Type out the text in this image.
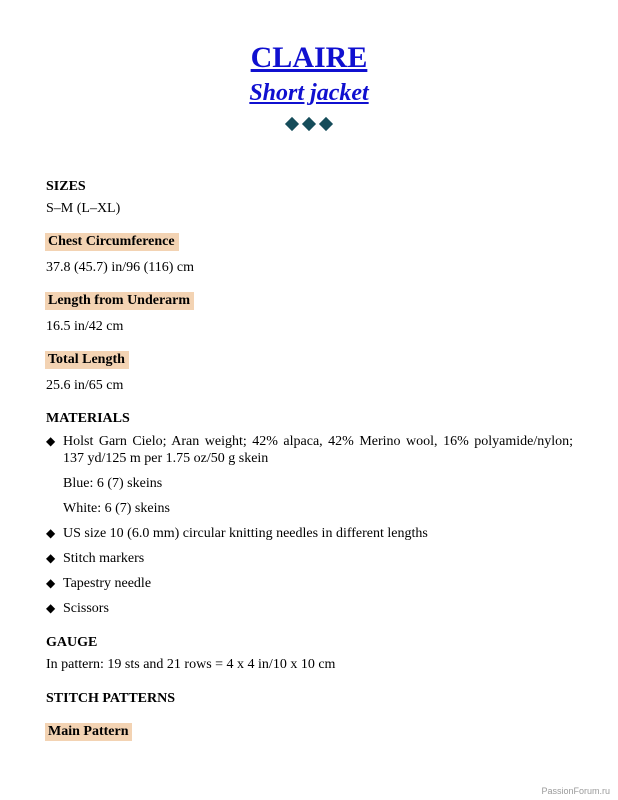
CLAIRE
Short jacket
SIZES
S–M (L–XL)
Chest Circumference
37.8 (45.7) in/96 (116) cm
Length from Underarm
16.5 in/42 cm
Total Length
25.6 in/65 cm
MATERIALS
◆ Holst Garn Cielo; Aran weight; 42% alpaca, 42% Merino wool, 16% polyamide/nylon; 137 yd/125 m per 1.75 oz/50 g skein
Blue: 6 (7) skeins
White: 6 (7) skeins
◆ US size 10 (6.0 mm) circular knitting needles in different lengths
◆ Stitch markers
◆ Tapestry needle
◆ Scissors
GAUGE
In pattern: 19 sts and 21 rows = 4 x 4 in/10 x 10 cm
STITCH PATTERNS
Main Pattern
PassionForum.ru
